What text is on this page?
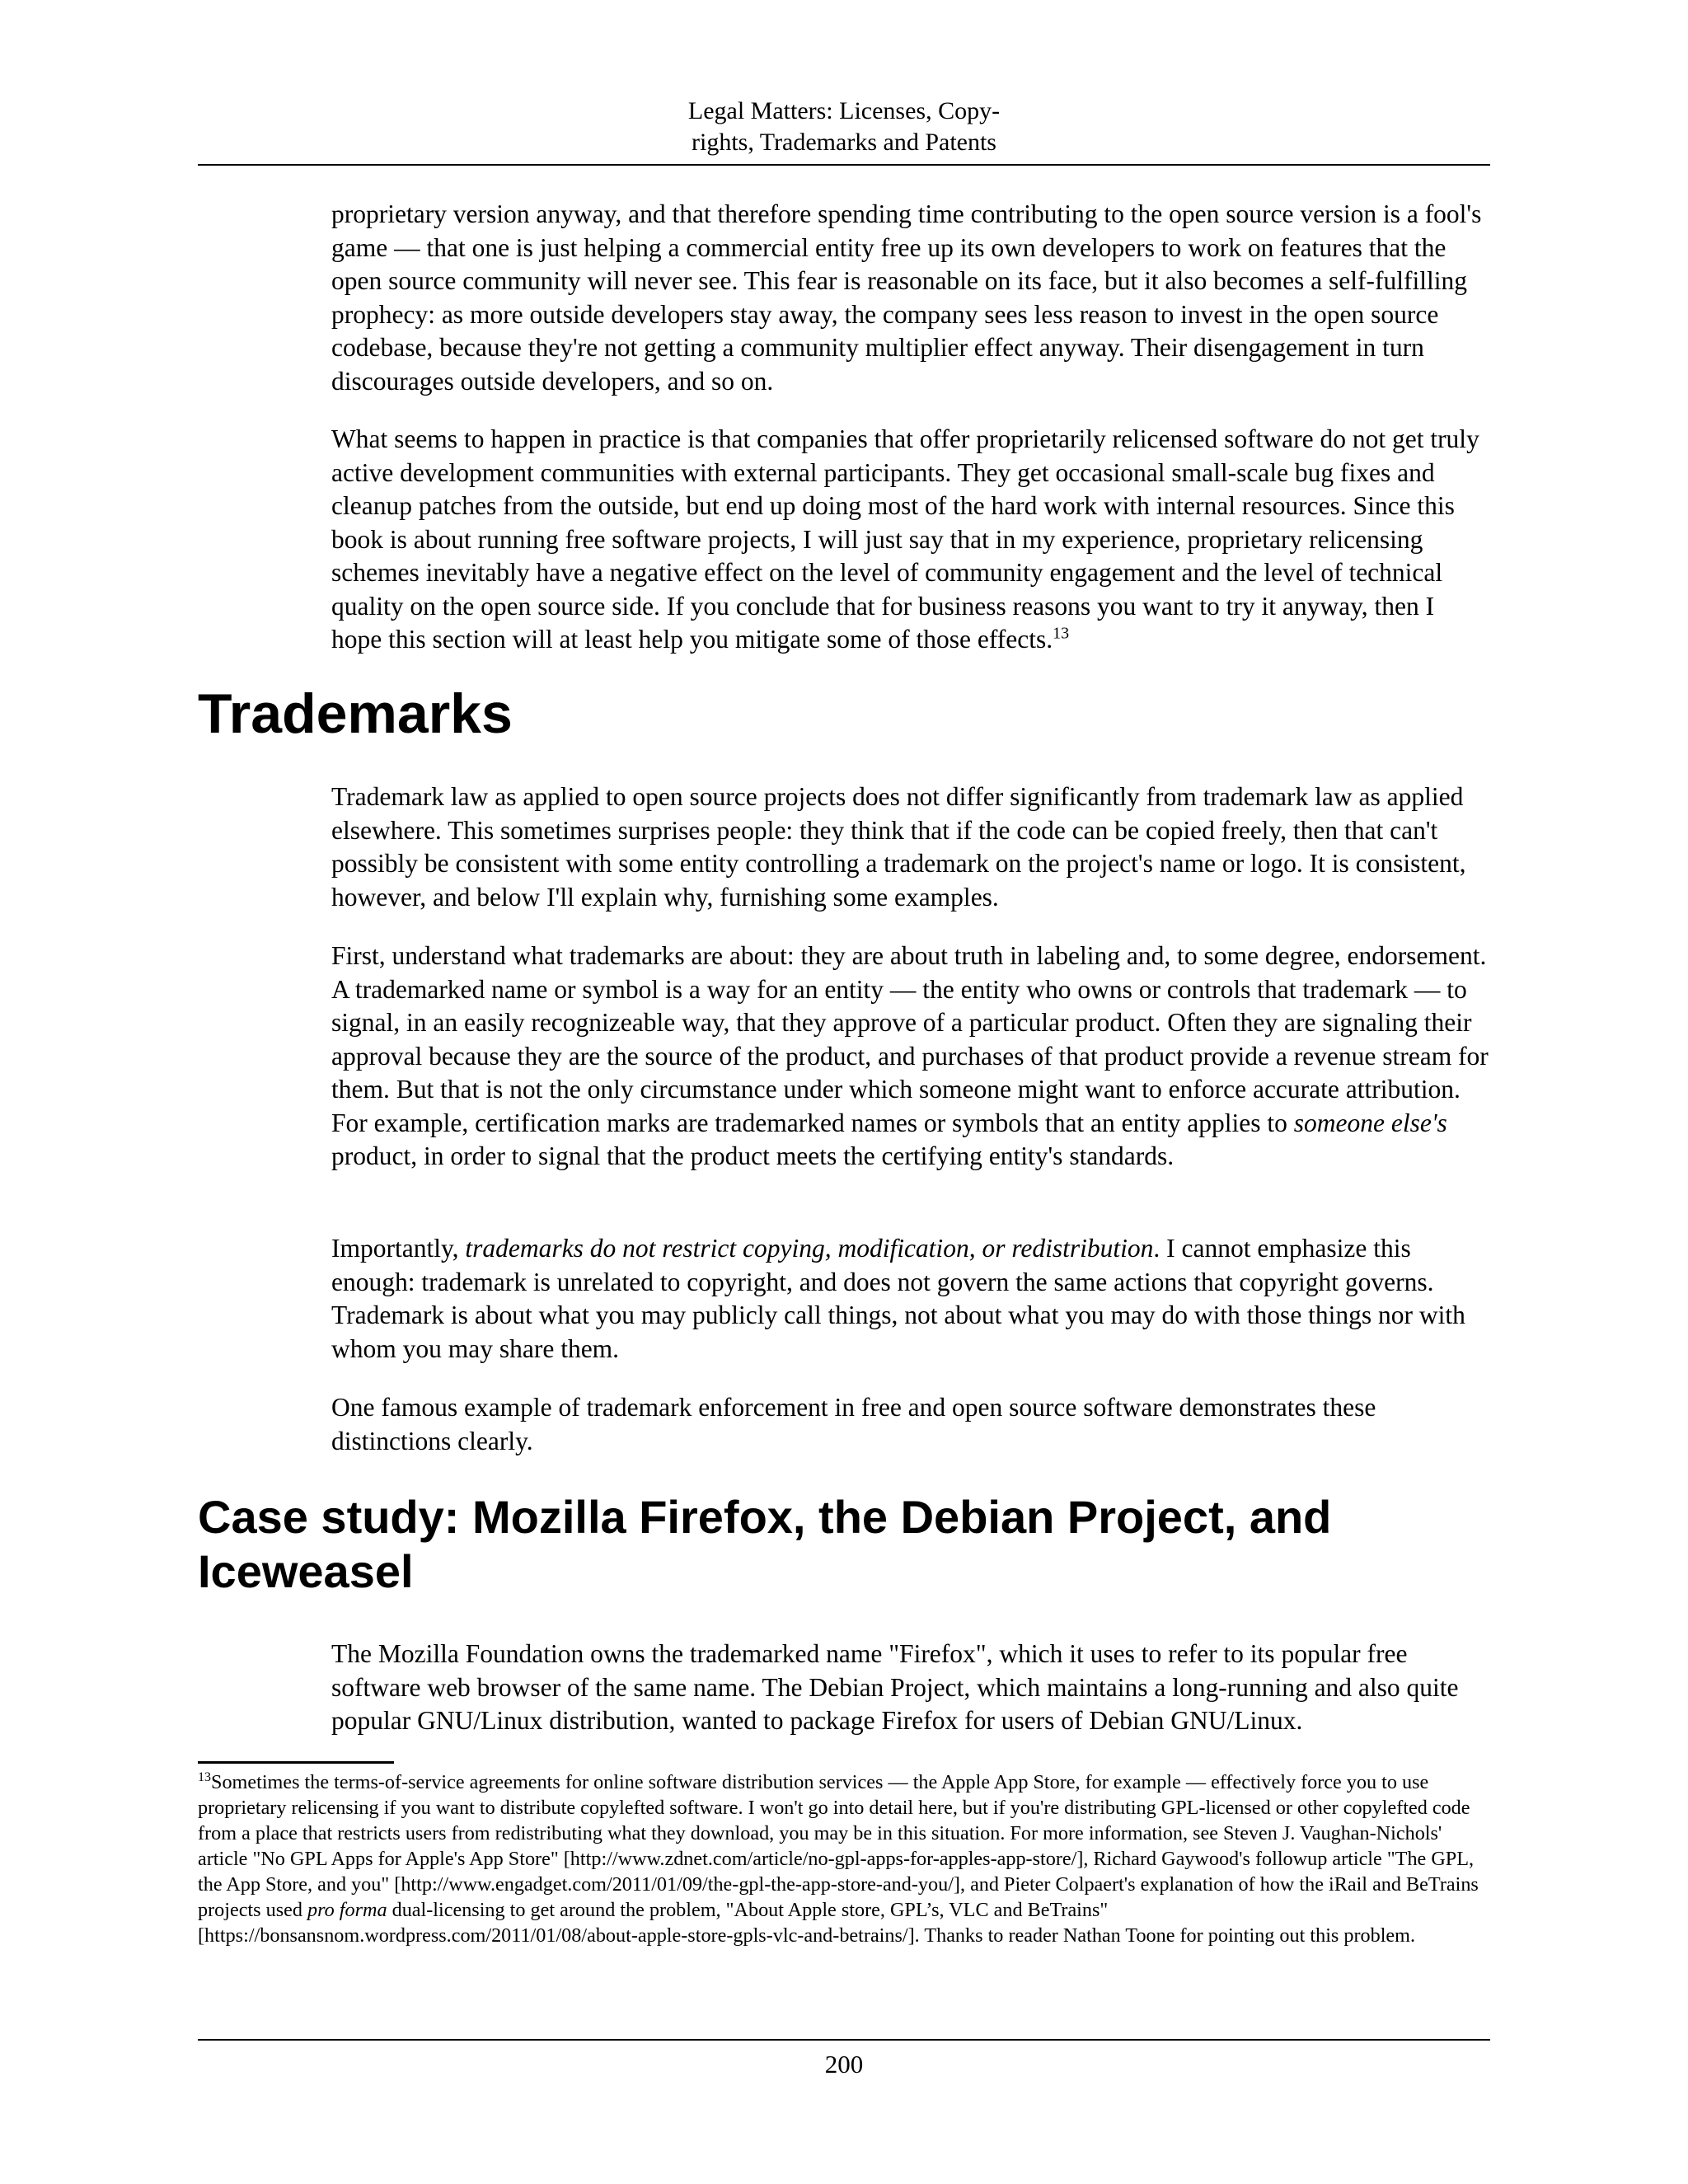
Legal Matters: Licenses, Copy-
rights, Trademarks and Patents

proprietary version anyway, and that therefore spending time contributing to the open source version is a fool's game — that one is just helping a commercial entity free up its own developers to work on features that the open source community will never see. This fear is reasonable on its face, but it also becomes a self-fulfilling prophecy: as more outside developers stay away, the company sees less reason to invest in the open source codebase, because they're not getting a community multiplier effect anyway. Their disengagement in turn discourages outside developers, and so on.

What seems to happen in practice is that companies that offer proprietarily relicensed software do not get truly active development communities with external participants. They get occasional small-scale bug fixes and cleanup patches from the outside, but end up doing most of the hard work with internal resources. Since this book is about running free software projects, I will just say that in my experience, proprietary relicensing schemes inevitably have a negative effect on the level of community engagement and the level of technical quality on the open source side. If you conclude that for business reasons you want to try it anyway, then I hope this section will at least help you mitigate some of those effects.$^{13}$

Trademarks

Trademark law as applied to open source projects does not differ significantly from trademark law as applied elsewhere. This sometimes surprises people: they think that if the code can be copied freely, then that can't possibly be consistent with some entity controlling a trademark on the project's name or logo. It is consistent, however, and below I'll explain why, furnishing some examples.

First, understand what trademarks are about: they are about truth in labeling and, to some degree, endorsement. A trademarked name or symbol is a way for an entity — the entity who owns or controls that trademark — to signal, in an easily recognizeable way, that they approve of a particular product. Often they are signaling their approval because they are the source of the product, and purchases of that product provide a revenue stream for them. But that is not the only circumstance under which someone might want to enforce accurate attribution. For example, certification marks are trademarked names or symbols that an entity applies to someone else's product, in order to signal that the product meets the certifying entity's standards.

Importantly, trademarks do not restrict copying, modification, or redistribution. I cannot emphasize this enough: trademark is unrelated to copyright, and does not govern the same actions that copyright governs. Trademark is about what you may publicly call things, not about what you may do with those things nor with whom you may share them.

One famous example of trademark enforcement in free and open source software demonstrates these distinctions clearly.

Case study: Mozilla Firefox, the Debian Project, and Iceweasel

The Mozilla Foundation owns the trademarked name "Firefox", which it uses to refer to its popular free software web browser of the same name. The Debian Project, which maintains a long-running and also quite popular GNU/Linux distribution, wanted to package Firefox for users of Debian GNU/Linux.

$^{13}$Sometimes the terms-of-service agreements for online software distribution services — the Apple App Store, for example — effectively force you to use proprietary relicensing if you want to distribute copylefted software. I won't go into detail here, but if you're distributing GPL-licensed or other copylefted code from a place that restricts users from redistributing what they download, you may be in this situation. For more information, see Steven J. Vaughan-Nichols' article "No GPL Apps for Apple's App Store" [http://www.zdnet.com/article/no-gpl-apps-for-apples-app-store/], Richard Gaywood's followup article "The GPL, the App Store, and you" [http://www.engadget.com/2011/01/09/the-gpl-the-app-store-and-you/], and Pieter Colpaert's explanation of how the iRail and BeTrains projects used pro forma dual-licensing to get around the problem, "About Apple store, GPL’s, VLC and BeTrains" [https://bonsansnom.wordpress.com/2011/01/08/about-apple-store-gpls-vlc-and-betrains/]. Thanks to reader Nathan Toone for pointing out this problem.

200
